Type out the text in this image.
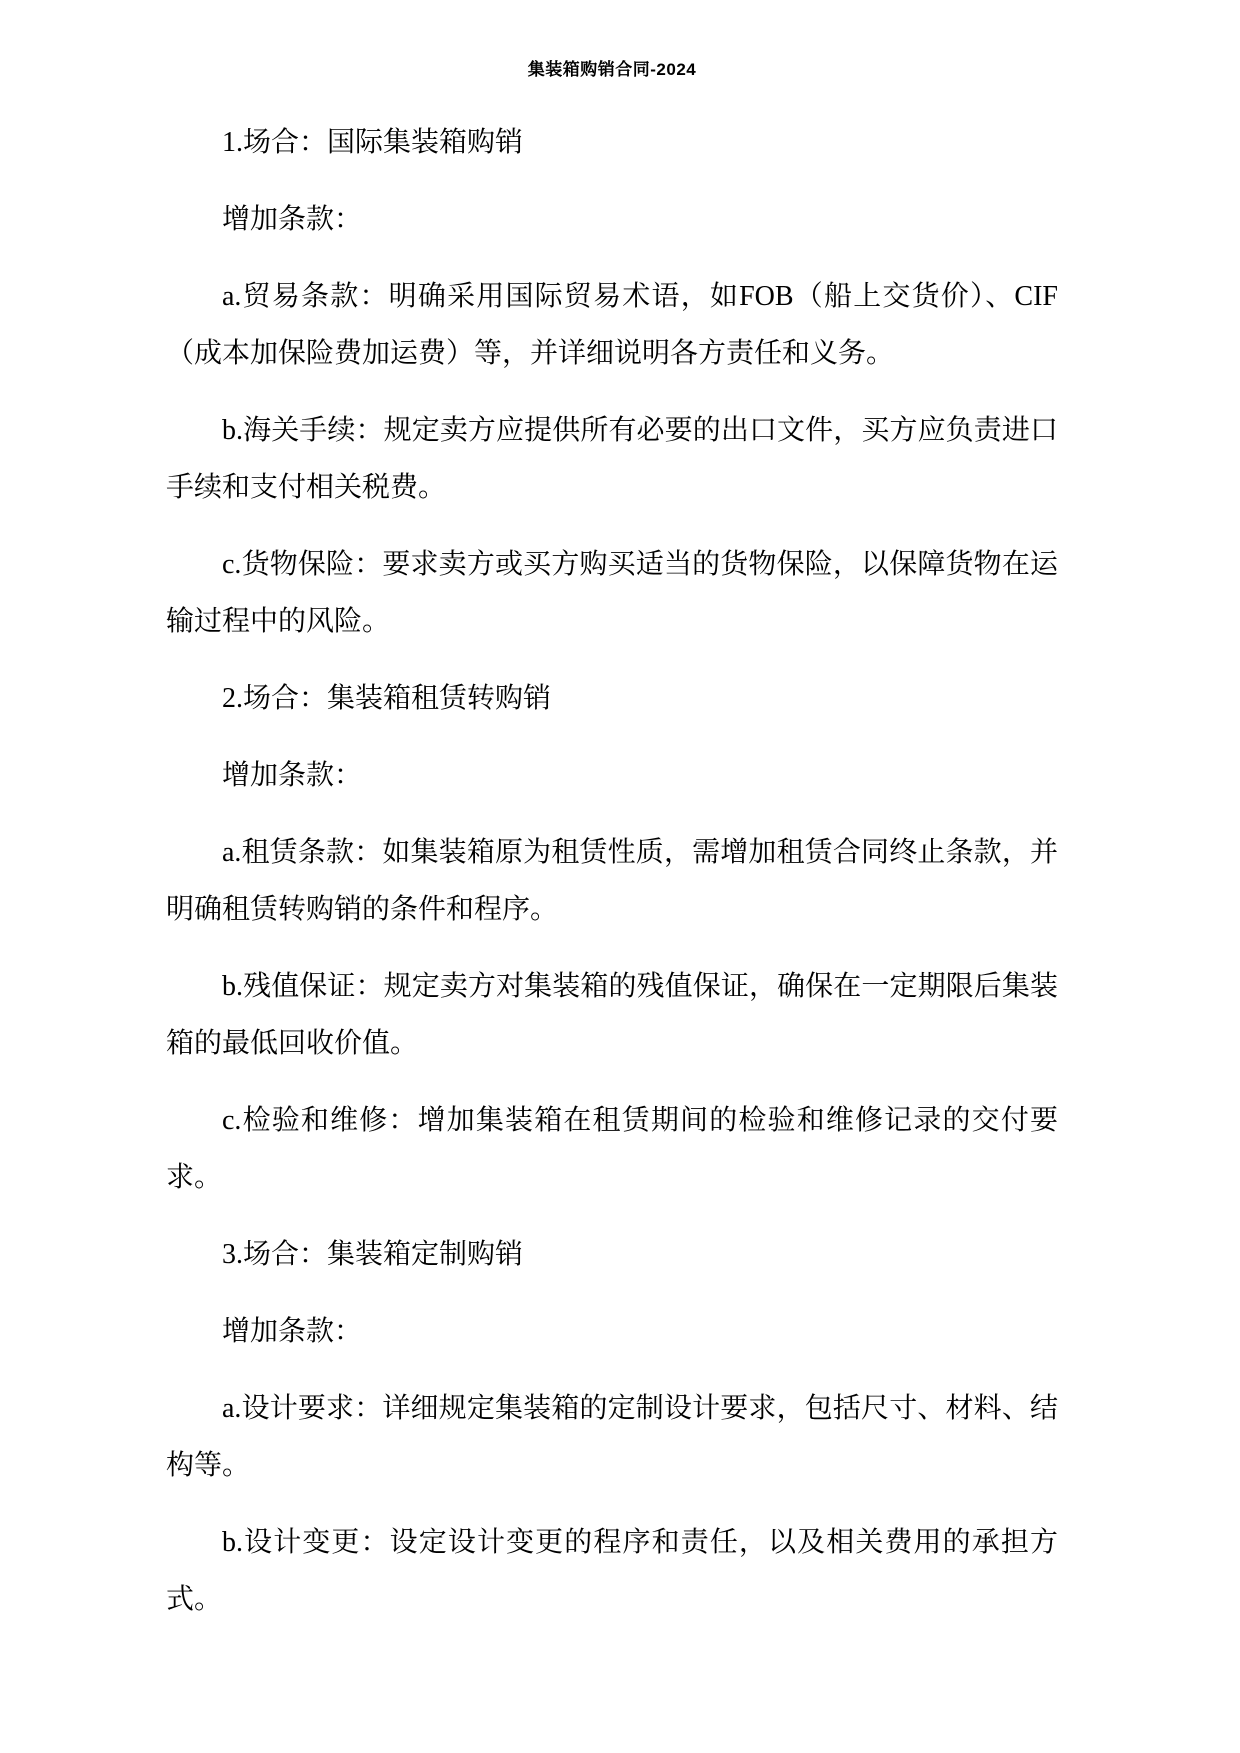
集装箱购销合同-2024

1.场合：国际集装箱购销

增加条款：

a.贸易条款：明确采用国际贸易术语，如FOB（船上交货价）、CIF（成本加保险费加运费）等，并详细说明各方责任和义务。

b.海关手续：规定卖方应提供所有必要的出口文件，买方应负责进口手续和支付相关税费。

c.货物保险：要求卖方或买方购买适当的货物保险，以保障货物在运输过程中的风险。

2.场合：集装箱租赁转购销

增加条款：

a.租赁条款：如集装箱原为租赁性质，需增加租赁合同终止条款，并明确租赁转购销的条件和程序。

b.残值保证：规定卖方对集装箱的残值保证，确保在一定期限后集装箱的最低回收价值。

c.检验和维修：增加集装箱在租赁期间的检验和维修记录的交付要求。

3.场合：集装箱定制购销

增加条款：

a.设计要求：详细规定集装箱的定制设计要求，包括尺寸、材料、结构等。

b.设计变更：设定设计变更的程序和责任，以及相关费用的承担方式。
